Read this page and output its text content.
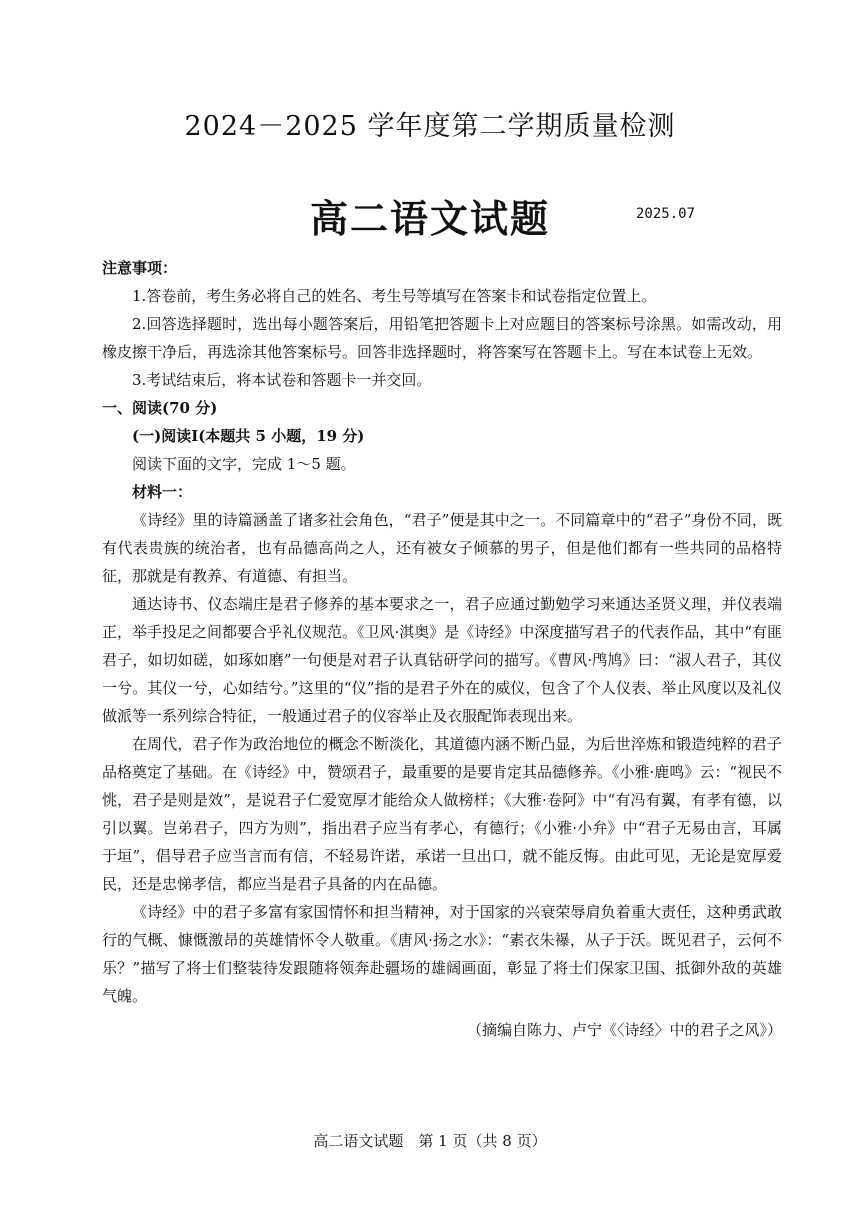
2024－2025 学年度第二学期质量检测
高二语文试题	2025.07
注意事项：

1.答卷前，考生务必将自己的姓名、考生号等填写在答案卡和试卷指定位置上。

2.回答选择题时，选出每小题答案后，用铅笔把答题卡上对应题目的答案标号涂黑。如需改动，用橡皮擦干净后，再选涂其他答案标号。回答非选择题时，将答案写在答题卡上。写在本试卷上无效。

3.考试结束后，将本试卷和答题卡一并交回。

一、阅读(70 分)
(一)阅读Ⅰ(本题共 5 小题，19 分)
阅读下面的文字，完成 1～5 题。
材料一：

《诗经》里的诗篇涵盖了诸多社会角色，“君子”便是其中之一。不同篇章中的“君子”身份不同，既有代表贵族的统治者，也有品德高尚之人，还有被女子倾慕的男子，但是他们都有一些共同的品格特征，那就是有教养、有道德、有担当。

通达诗书、仪态端庄是君子修养的基本要求之一，君子应通过勤勉学习来通达圣贤义理，并仪表端正，举手投足之间都要合乎礼仪规范。《卫风·淇奥》是《诗经》中深度描写君子的代表作品，其中“有匪君子，如切如磋，如琢如磨”一句便是对君子认真钻研学问的描写。《曹风·鸤鸠》曰：“淑人君子，其仪一兮。其仪一兮，心如结兮。”这里的“仪”指的是君子外在的威仪，包含了个人仪表、举止风度以及礼仪做派等一系列综合特征，一般通过君子的仪容举止及衣服配饰表现出来。

在周代，君子作为政治地位的概念不断淡化，其道德内涵不断凸显，为后世淬炼和锻造纯粹的君子品格奠定了基础。在《诗经》中，赞颂君子，最重要的是要肯定其品德修养。《小雅·鹿鸣》云：“视民不恌，君子是则是效”，是说君子仁爱宽厚才能给众人做榜样；《大雅·卷阿》中“有冯有翼，有孝有德，以引以翼。岂弟君子，四方为则”，指出君子应当有孝心，有德行；《小雅·小弁》中“君子无易由言，耳属于垣”，倡导君子应当言而有信，不轻易许诺，承诺一旦出口，就不能反悔。由此可见，无论是宽厚爱民，还是忠悌孝信，都应当是君子具备的内在品德。

《诗经》中的君子多富有家国情怀和担当精神，对于国家的兴衰荣辱肩负着重大责任，这种勇武敢行的气概、慷慨激昂的英雄情怀令人敬重。《唐风·扬之水》：“素衣朱襮，从子于沃。既见君子，云何不乐？”描写了将士们整装待发跟随将领奔赴疆场的雄阔画面，彰显了将士们保家卫国、抵御外敌的英雄气魄。

（摘编自陈力、卢宁《〈诗经〉中的君子之风》）
高二语文试题　第 1 页（共 8 页）
